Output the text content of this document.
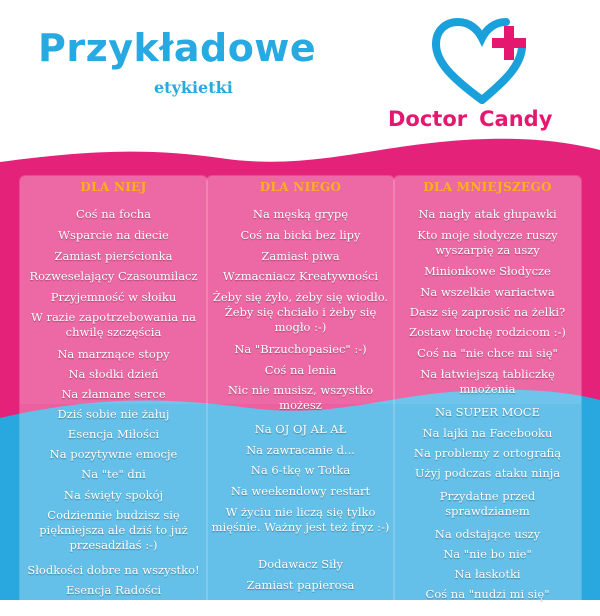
Przykładowe
etykietki
Doctor Candy
DLA NIEJ
Coś na focha
Wsparcie na diecie
Zamiast pierścionka
Rozweselający Czasoumilacz
Przyjemność w słoiku
W razie zapotrzebowania na chwilę szczęścia
Na marznące stopy
Na słodki dzień
Na złamane serce
Dziś sobie nie żałuj
Esencja Miłości
Na pozytywne emocje
Na "te" dni
Na święty spokój
Codziennie budzisz się piękniejsza ale dziś to już przesadziłaś :-)
Słodkości dobre na wszystko!
Esencja Radości
DLA NIEGO
Na męską grypę
Coś na bicki bez lipy
Zamiast piwa
Wzmacniacz Kreatywności
Żeby się żyło, żeby się wiodło. Żeby się chciało i żeby się mogło :-)
Na "Brzuchopasiec" :-)
Coś na lenia
Nic nie musisz, wszystko możesz
Na OJ OJ AŁ AŁ
Na zawracanie d...
Na 6-tkę w Totka
Na weekendowy restart
W życiu nie liczą się tylko mięśnie. Ważny jest też fryz :-)
Dodawacz Siły
Zamiast papierosa
DLA MNIEJSZEGO
Na nagły atak głupawki
Kto moje słodycze ruszy wyszarpię za uszy
Minionkowe Słodycze
Na wszelkie wariactwa
Dasz się zaprosić na żelki?
Zostaw trochę rodzicom :-)
Coś na "nie chce mi się"
Na łatwiejszą tabliczkę mnożenia
Na SUPER MOCE
Na lajki na Facebooku
Na problemy z ortografią
Użyj podczas ataku ninja
Przydatne przed sprawdzianem
Na odstające uszy
Na "nie bo nie"
Na łaskotki
Coś na "nudzi mi się"
